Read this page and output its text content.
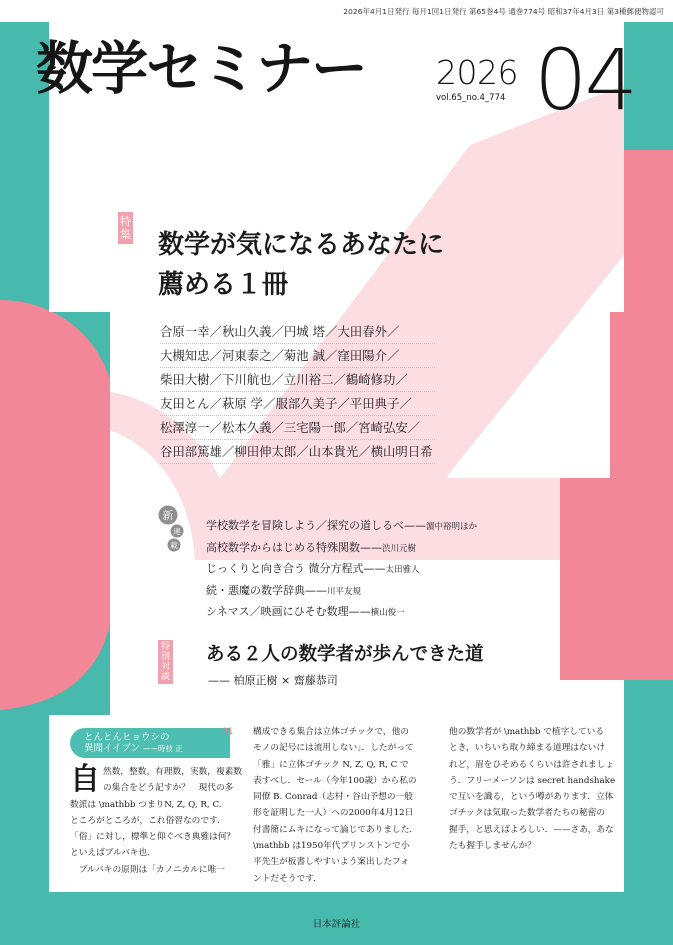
2026年4月1日発行 毎月1回1日発行 第65巻4号 通巻774号 昭和37年4月3日 第3種郵便物認可
数学セミナー 2026
vol.65_no.4_774 04
特集 数学が気になるあなたに
薦める１冊
合原一幸／秋山久義／円城 塔／大田春外／
大槻知忠／河東泰之／菊池 誠／窪田陽介／
柴田大樹／下川航也／立川裕二／鶴崎修功／
友田とん／萩原 学／服部久美子／平田典子／
松澤淳一／松本久義／三宅陽一郎／宮崎弘安／
谷田部篤雄／柳田伸太郎／山本貴光／横山明日希
新
連
載
学校数学を冒険しよう／探究の道しるべ——濵中裕明ほか
高校数学からはじめる特殊関数——渋川元樹
じっくりと向き合う 微分方程式——太田雅人
続・悪魔の数学辞典——川平友規
シネマス／映画にひそむ数理——横山俊一
特別対談
ある２人の数学者が歩んできた道
—— 柏原正樹 × 齋藤恭司
01
とんとんヒョウシの
異聞イイブン ——時枝 正
自 然数，整数，有理数，実数，複素数
の集合をどう記すか？　現代の多
数派は \mathbb つまりN, Z, Q, R, C.
ところがところが，これ俗習なのです．
「俗」に対し，標準と仰ぐべき典雅は何？
といえばブルバキ也．
　ブルバキの原則は「カノニカルに唯一
構成できる集合は立体ゴチックで，他の
モノの記号には流用しない」．したがって
「雅」に立体ゴチック N, Z, Q, R, C で
表すべし．セール（今年100歳）から私の
同僚 B. Conrad（志村・谷山予想の一般
形を証明した一人）への2000年4月12日
付書簡にムキになって論じてありました．
\mathbb は1950年代プリンストンで小
平先生が板書しやすいよう案出したフォ
ントだそうです．
他の数学者が \mathbb で植字している
とき，いちいち取り締まる道理はないけ
れど，眉をひそめるくらいは許されましょ
う．フリーメーソンは secret handshake
で互いを識る，という噂があります．立体
ゴチックは気取った数学者たちの秘密の
握手，と思えばよろしい．——さあ，あな
たも握手しませんか？
日本評論社
